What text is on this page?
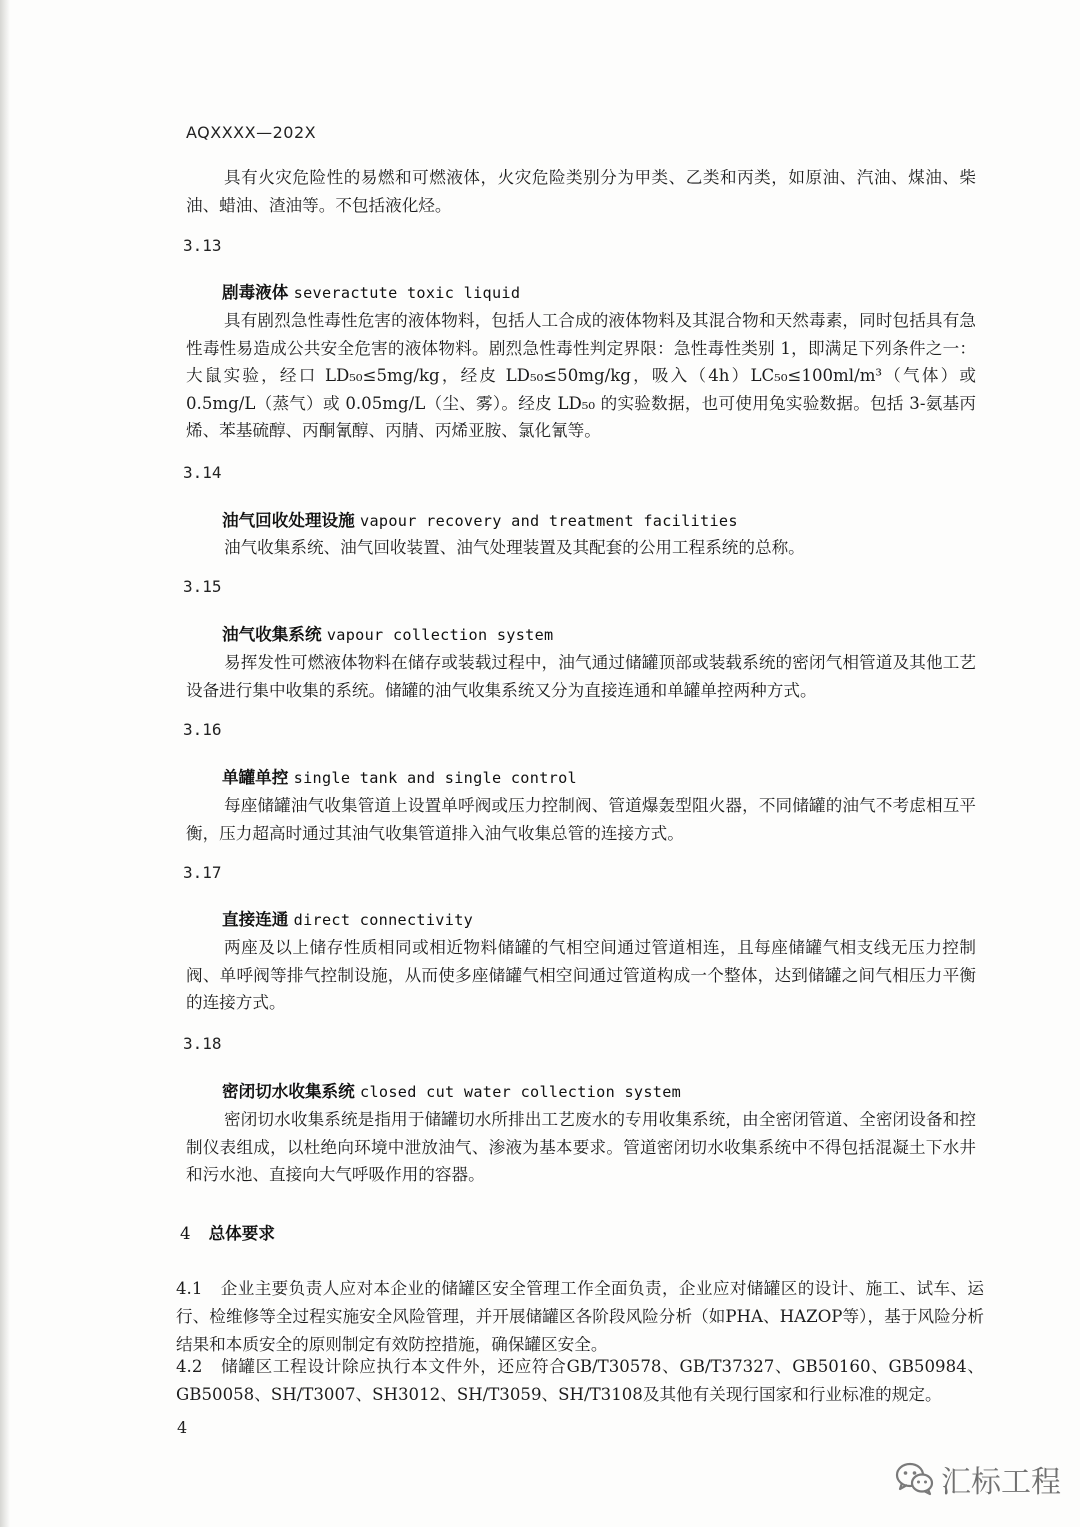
AQXXXX—202X

具有火灾危险性的易燃和可燃液体，火灾危险类别分为甲类、乙类和丙类，如原油、汽油、煤油、柴油、蜡油、渣油等。不包括液化烃。

3.13
剧毒液体 severactute toxic liquid

具有剧烈急性毒性危害的液体物料，包括人工合成的液体物料及其混合物和天然毒素，同时包括具有急性毒性易造成公共安全危害的液体物料。剧烈急性毒性判定界限：急性毒性类别 1，即满足下列条件之一：大鼠实验，经口 LD₅₀≤5mg/kg，经皮 LD₅₀≤50mg/kg，吸入（4h）LC₅₀≤100ml/m³（气体）或 0.5mg/L（蒸气）或 0.05mg/L（尘、雾）。经皮 LD₅₀ 的实验数据，也可使用兔实验数据。包括 3-氨基丙烯、苯基硫醇、丙酮氰醇、丙腈、丙烯亚胺、氯化氰等。

3.14
油气回收处理设施 vapour recovery and treatment facilities

油气收集系统、油气回收装置、油气处理装置及其配套的公用工程系统的总称。

3.15
油气收集系统 vapour collection system

易挥发性可燃液体物料在储存或装载过程中，油气通过储罐顶部或装载系统的密闭气相管道及其他工艺设备进行集中收集的系统。储罐的油气收集系统又分为直接连通和单罐单控两种方式。

3.16
单罐单控 single tank and single control

每座储罐油气收集管道上设置单呼阀或压力控制阀、管道爆轰型阻火器，不同储罐的油气不考虑相互平衡，压力超高时通过其油气收集管道排入油气收集总管的连接方式。

3.17
直接连通 direct connectivity

两座及以上储存性质相同或相近物料储罐的气相空间通过管道相连，且每座储罐气相支线无压力控制阀、单呼阀等排气控制设施，从而使多座储罐气相空间通过管道构成一个整体，达到储罐之间气相压力平衡的连接方式。

3.18
密闭切水收集系统 closed cut water collection system

密闭切水收集系统是指用于储罐切水所排出工艺废水的专用收集系统，由全密闭管道、全密闭设备和控制仪表组成，以杜绝向环境中泄放油气、渗液为基本要求。管道密闭切水收集系统中不得包括混凝土下水井和污水池、直接向大气呼吸作用的容器。

4 总体要求

4.1 企业主要负责人应对本企业的储罐区安全管理工作全面负责，企业应对储罐区的设计、施工、试车、运行、检维修等全过程实施安全风险管理，并开展储罐区各阶段风险分析（如PHA、HAZOP等），基于风险分析结果和本质安全的原则制定有效防控措施，确保罐区安全。

4.2 储罐区工程设计除应执行本文件外，还应符合GB/T30578、GB/T37327、GB50160、GB50984、GB50058、SH/T3007、SH3012、SH/T3059、SH/T3108及其他有关现行国家和行业标准的规定。

4
汇标工程
